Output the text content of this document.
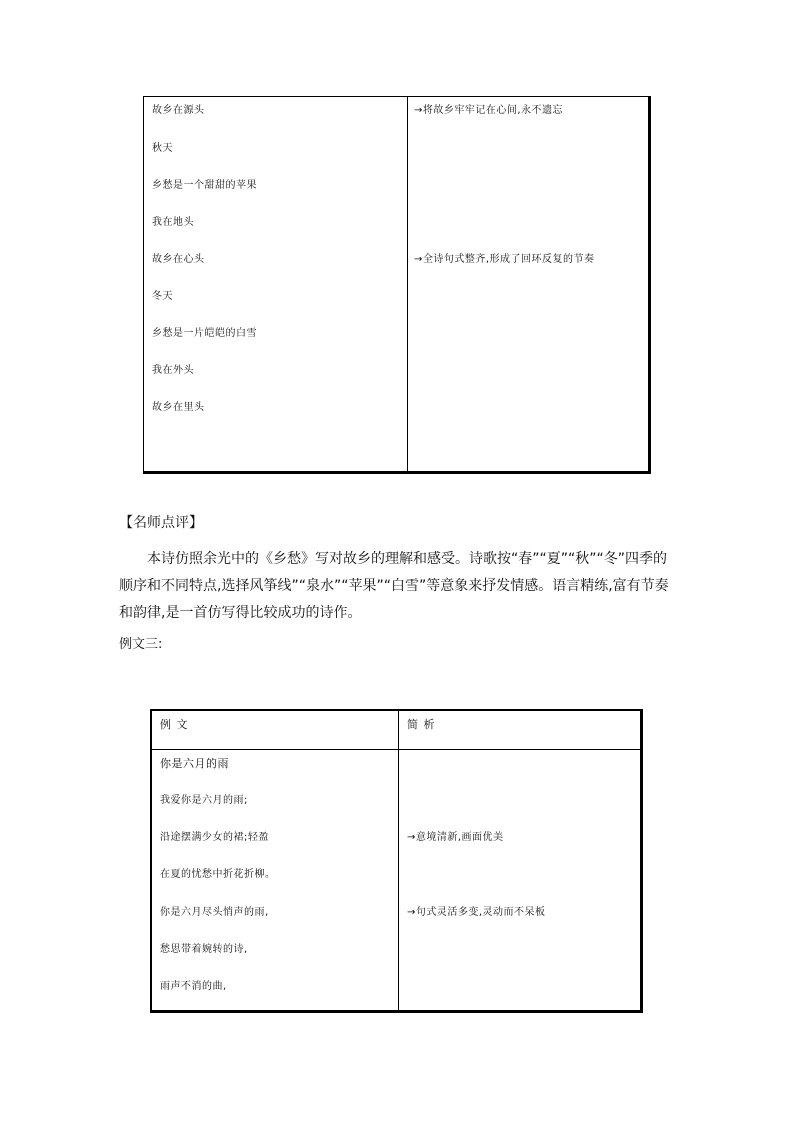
故乡在源头
秋天
乡愁是一个甜甜的苹果
我在地头
故乡在心头
冬天
乡愁是一片皑皑的白雪
我在外头
故乡在里头
→将故乡牢牢记在心间,永不遗忘
→全诗句式整齐,形成了回环反复的节奏
【名师点评】
本诗仿照余光中的《乡愁》写对故乡的理解和感受。诗歌按“春”“夏”“秋”“冬”四季的顺序和不同特点,选择风筝线”“泉水”“苹果”“白雪”等意象来抒发情感。语言精练,富有节奏和韵律,是一首仿写得比较成功的诗作。
例文三:
例 文	简 析
你是六月的雨
我爱你是六月的雨;
沿途摆满少女的裙;轻盈
在夏的忧愁中折花折柳。
你是六月尽头悄声的雨,
愁思带着婉转的诗,
雨声不消的曲,
→意境清新,画面优美
→句式灵活多变,灵动而不呆板
